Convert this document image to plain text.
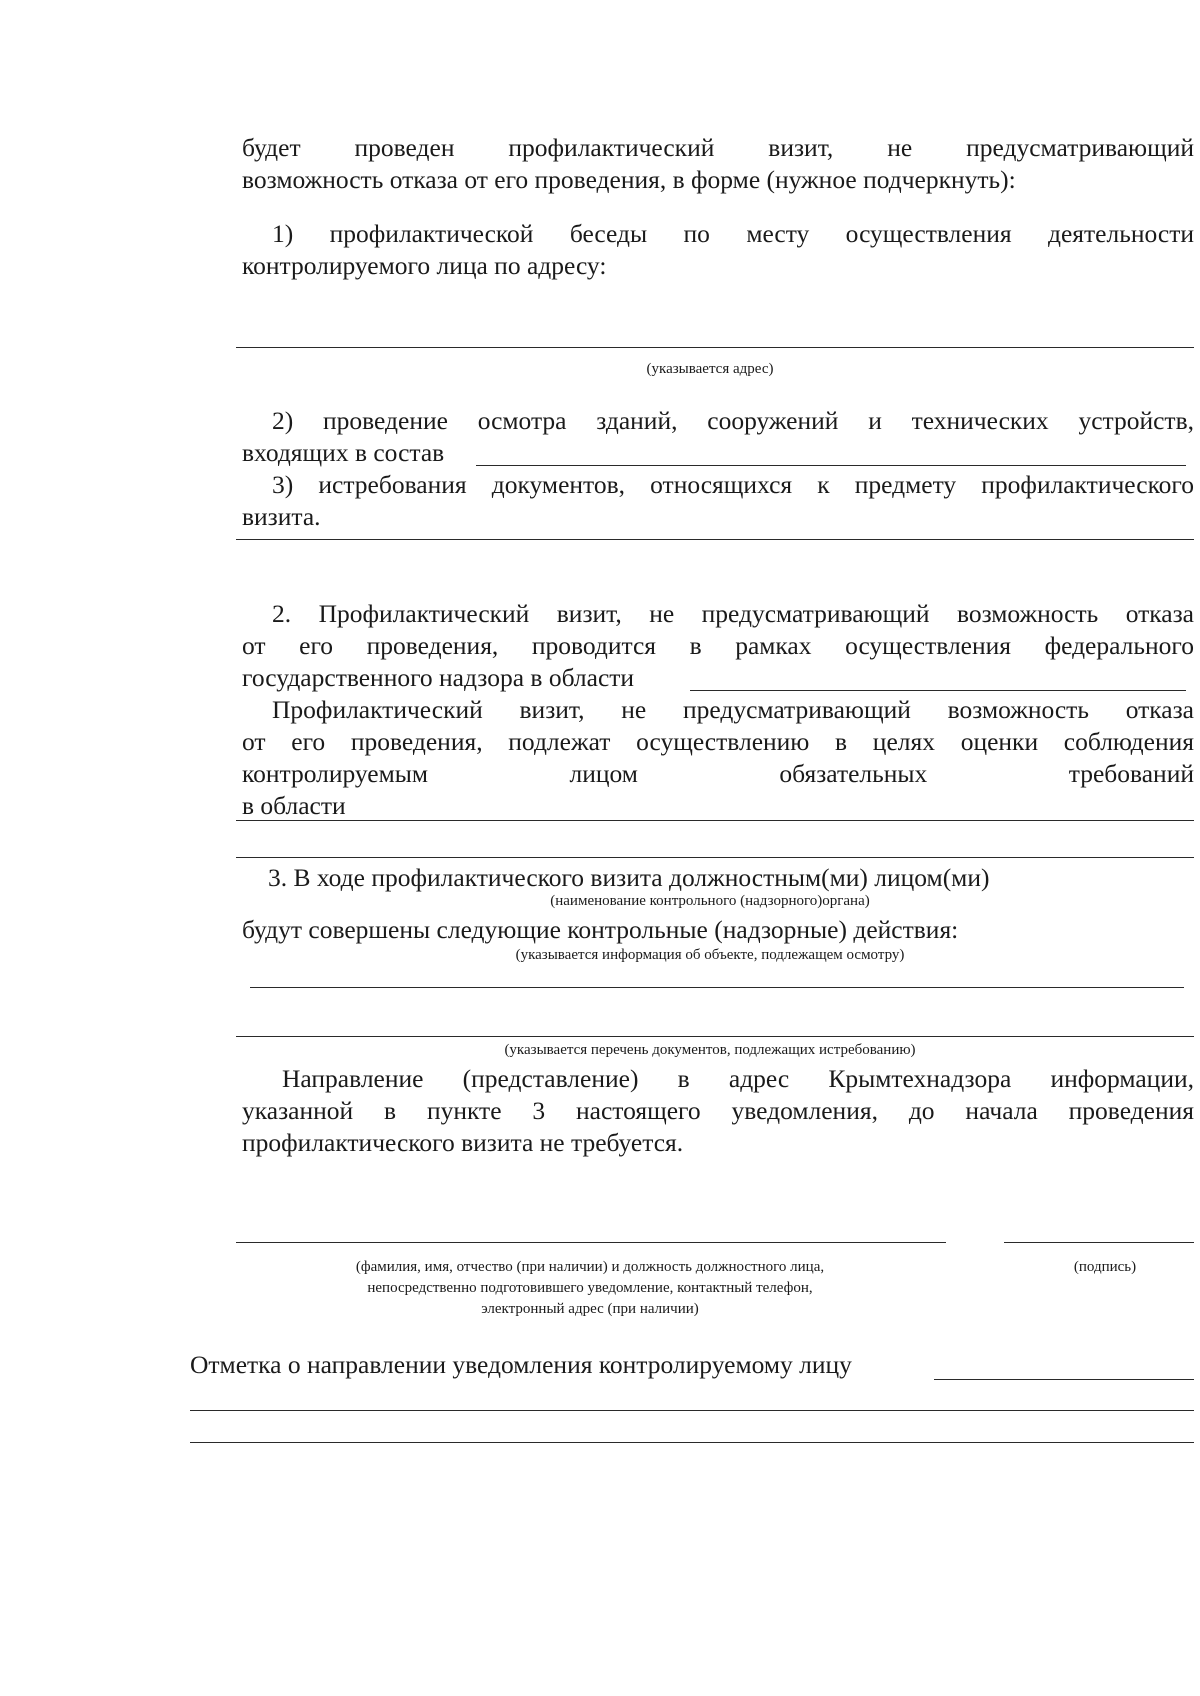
будет проведен профилактический визит, не предусматривающий
возможность отказа от его проведения, в форме (нужное подчеркнуть):
1) профилактической беседы по месту осуществления деятельности
контролируемого лица по адресу:
(указывается адрес)
2) проведение осмотра зданий, сооружений и технических устройств,
входящих в состав
3) истребования документов, относящихся к предмету профилактического
визита.
2. Профилактический визит, не предусматривающий возможность отказа
от его проведения, проводится в рамках осуществления федерального
государственного надзора в области
Профилактический визит, не предусматривающий возможность отказа
от его проведения, подлежат осуществлению в целях оценки соблюдения
контролируемым	лицом	обязательных	требований
в области
3. В ходе профилактического визита должностным(ми) лицом(ми)
(наименование контрольного (надзорного)органа)
будут совершены следующие контрольные (надзорные) действия:
(указывается информация об объекте, подлежащем осмотру)
(указывается перечень документов, подлежащих истребованию)
Направление (представление) в адрес Крымтехнадзора информации,
указанной в пункте 3 настоящего уведомления, до начала проведения
профилактического визита не требуется.
(фамилия, имя, отчество (при наличии) и должность должностного лица,
непосредственно подготовившего уведомление, контактный телефон,
электронный адрес (при наличии)
(подпись)
Отметка о направлении уведомления контролируемому лицу
